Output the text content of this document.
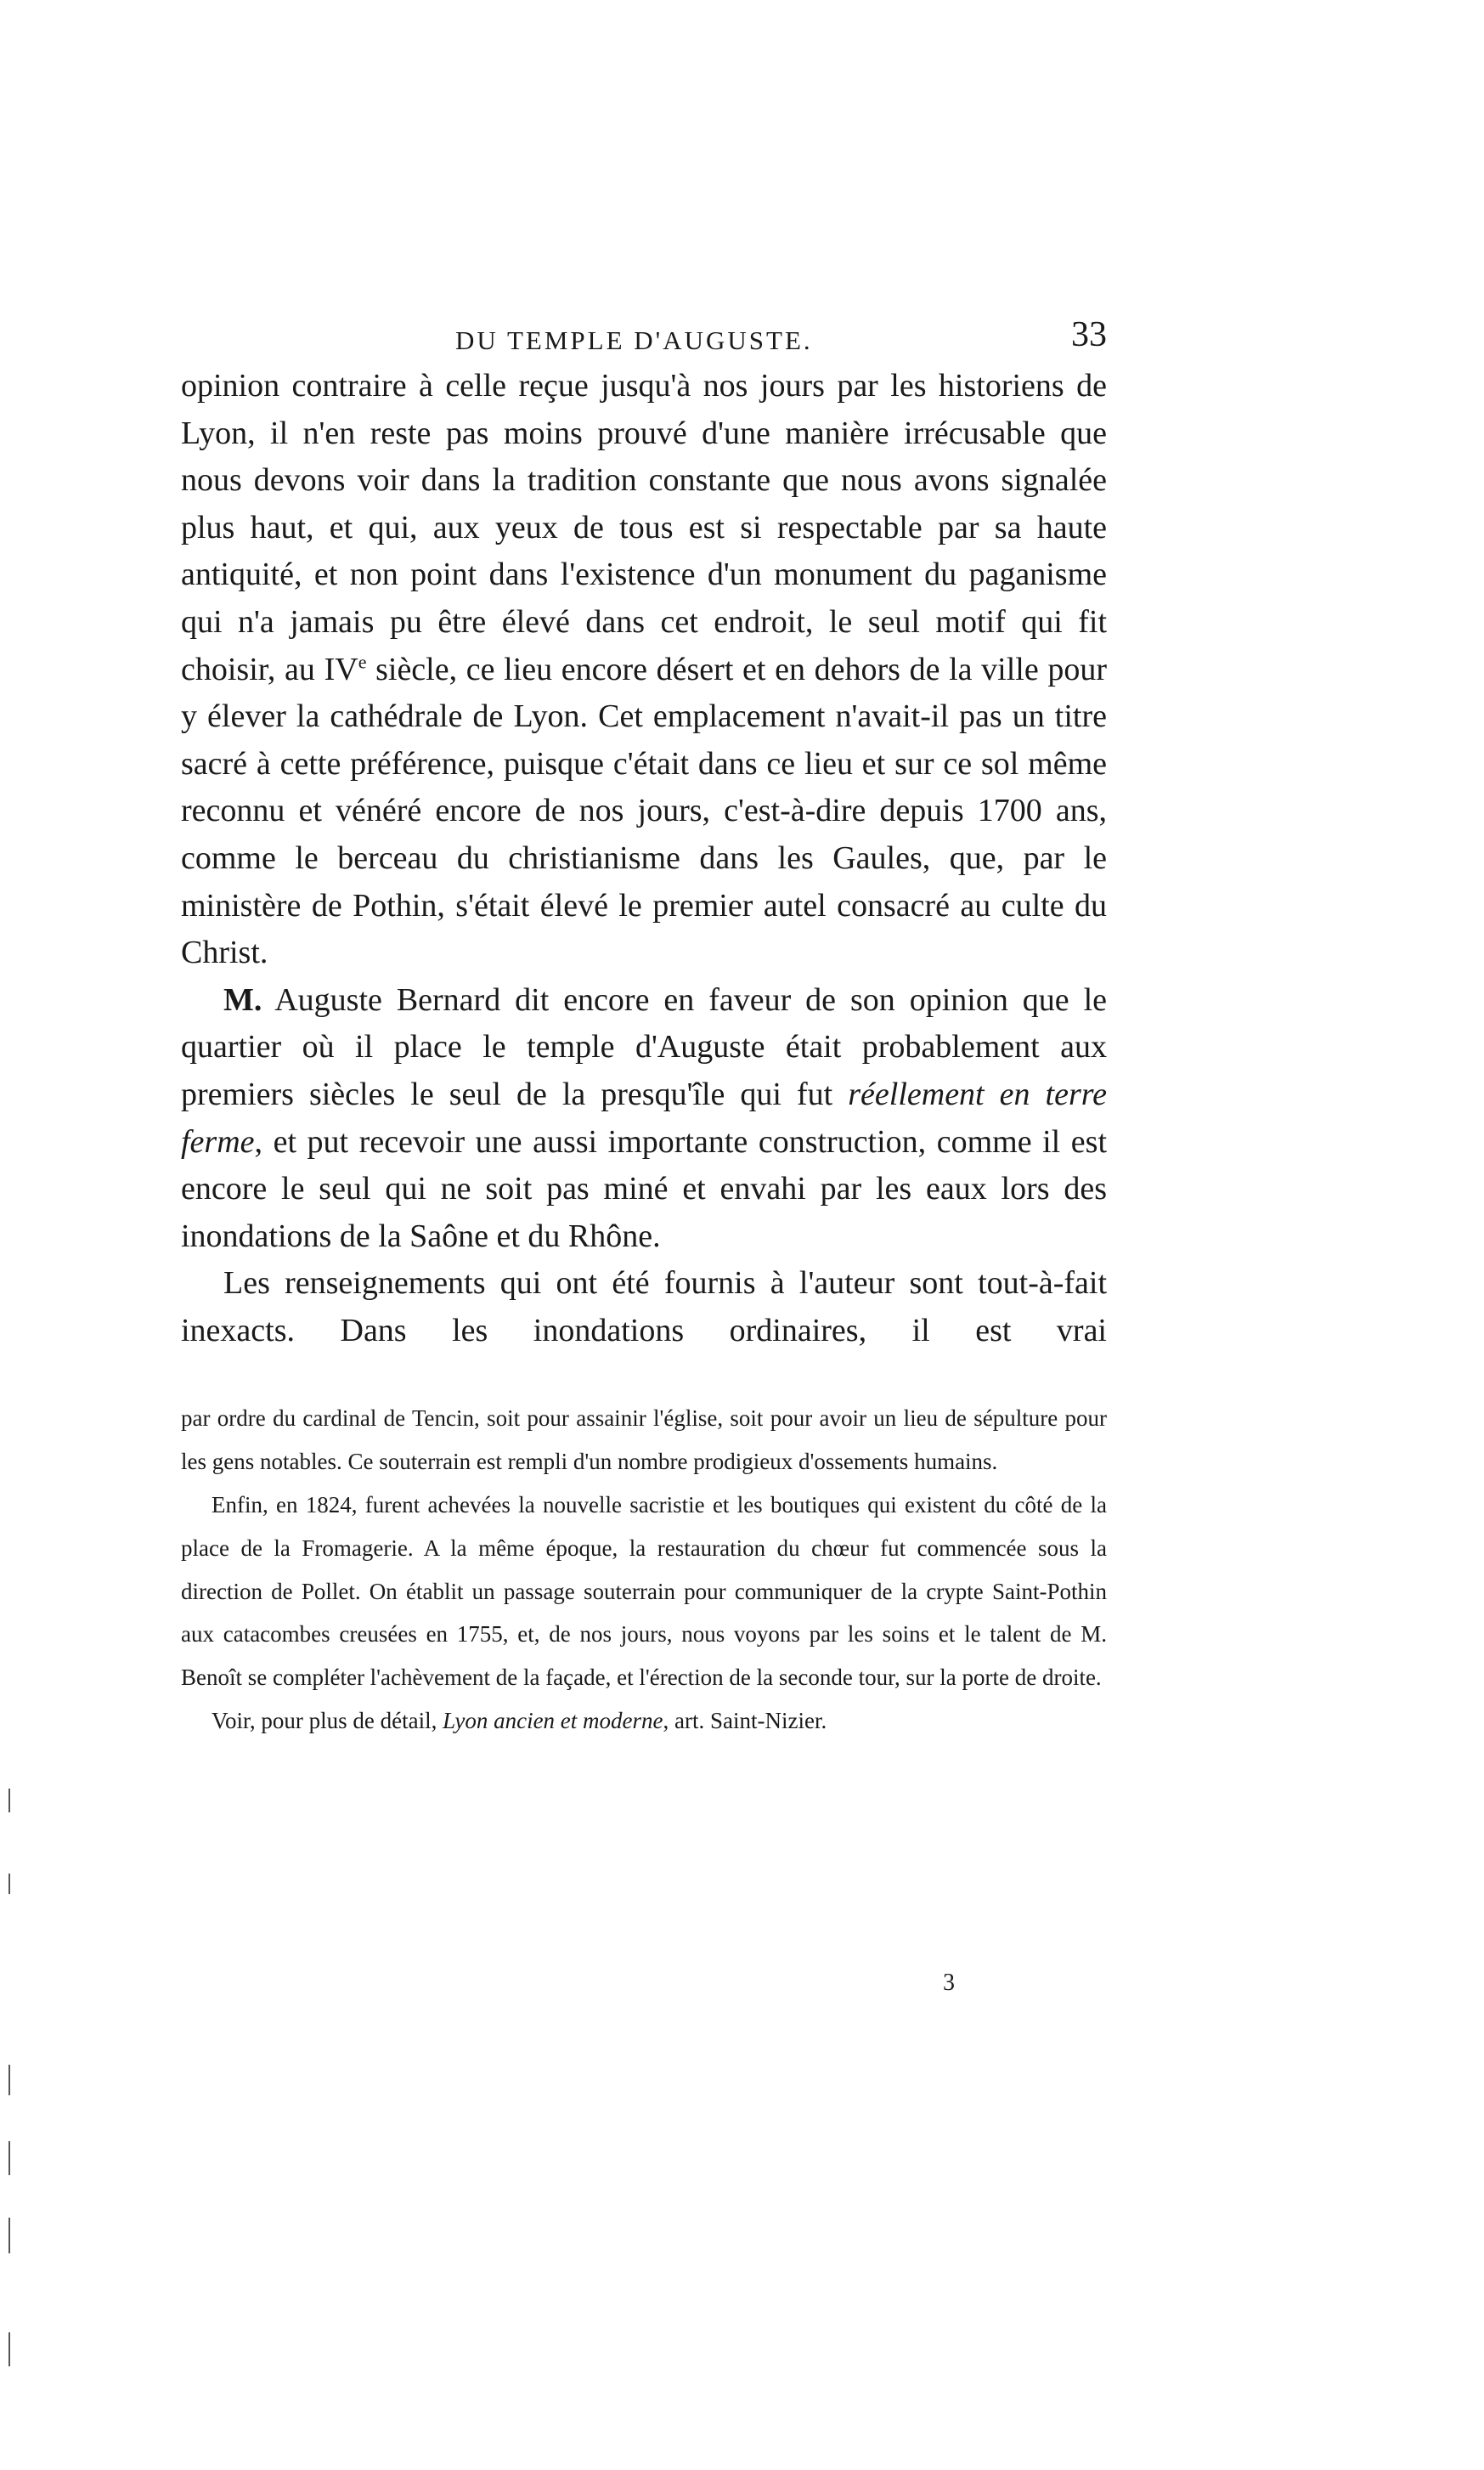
DU TEMPLE D'AUGUSTE.	33

opinion contraire à celle reçue jusqu'à nos jours par les historiens de Lyon, il n'en reste pas moins prouvé d'une manière irrécusable que nous devons voir dans la tradition constante que nous avons signalée plus haut, et qui, aux yeux de tous est si respectable par sa haute antiquité, et non point dans l'existence d'un monument du paganisme qui n'a jamais pu être élevé dans cet endroit, le seul motif qui fit choisir, au IVe siècle, ce lieu encore désert et en dehors de la ville pour y élever la cathédrale de Lyon. Cet emplacement n'avait-il pas un titre sacré à cette préférence, puisque c'était dans ce lieu et sur ce sol même reconnu et vénéré encore de nos jours, c'est-à-dire depuis 1700 ans, comme le berceau du christianisme dans les Gaules, que, par le ministère de Pothin, s'était élevé le premier autel consacré au culte du Christ.

M. Auguste Bernard dit encore en faveur de son opinion que le quartier où il place le temple d'Auguste était probablement aux premiers siècles le seul de la presqu'île qui fut réellement en terre ferme, et put recevoir une aussi importante construction, comme il est encore le seul qui ne soit pas miné et envahi par les eaux lors des inondations de la Saône et du Rhône.

Les renseignements qui ont été fournis à l'auteur sont tout-à-fait inexacts. Dans les inondations ordinaires, il est vrai

par ordre du cardinal de Tencin, soit pour assainir l'église, soit pour avoir un lieu de sépulture pour les gens notables. Ce souterrain est rempli d'un nombre prodigieux d'ossements humains.

Enfin, en 1824, furent achevées la nouvelle sacristie et les boutiques qui existent du côté de la place de la Fromagerie. A la même époque, la restauration du chœur fut commencée sous la direction de Pollet. On établit un passage souterrain pour communiquer de la crypte Saint-Pothin aux catacombes creusées en 1755, et, de nos jours, nous voyons par les soins et le talent de M. Benoît se compléter l'achèvement de la façade, et l'érection de la seconde tour, sur la porte de droite.

Voir, pour plus de détail, Lyon ancien et moderne, art. Saint-Nizier.

3
